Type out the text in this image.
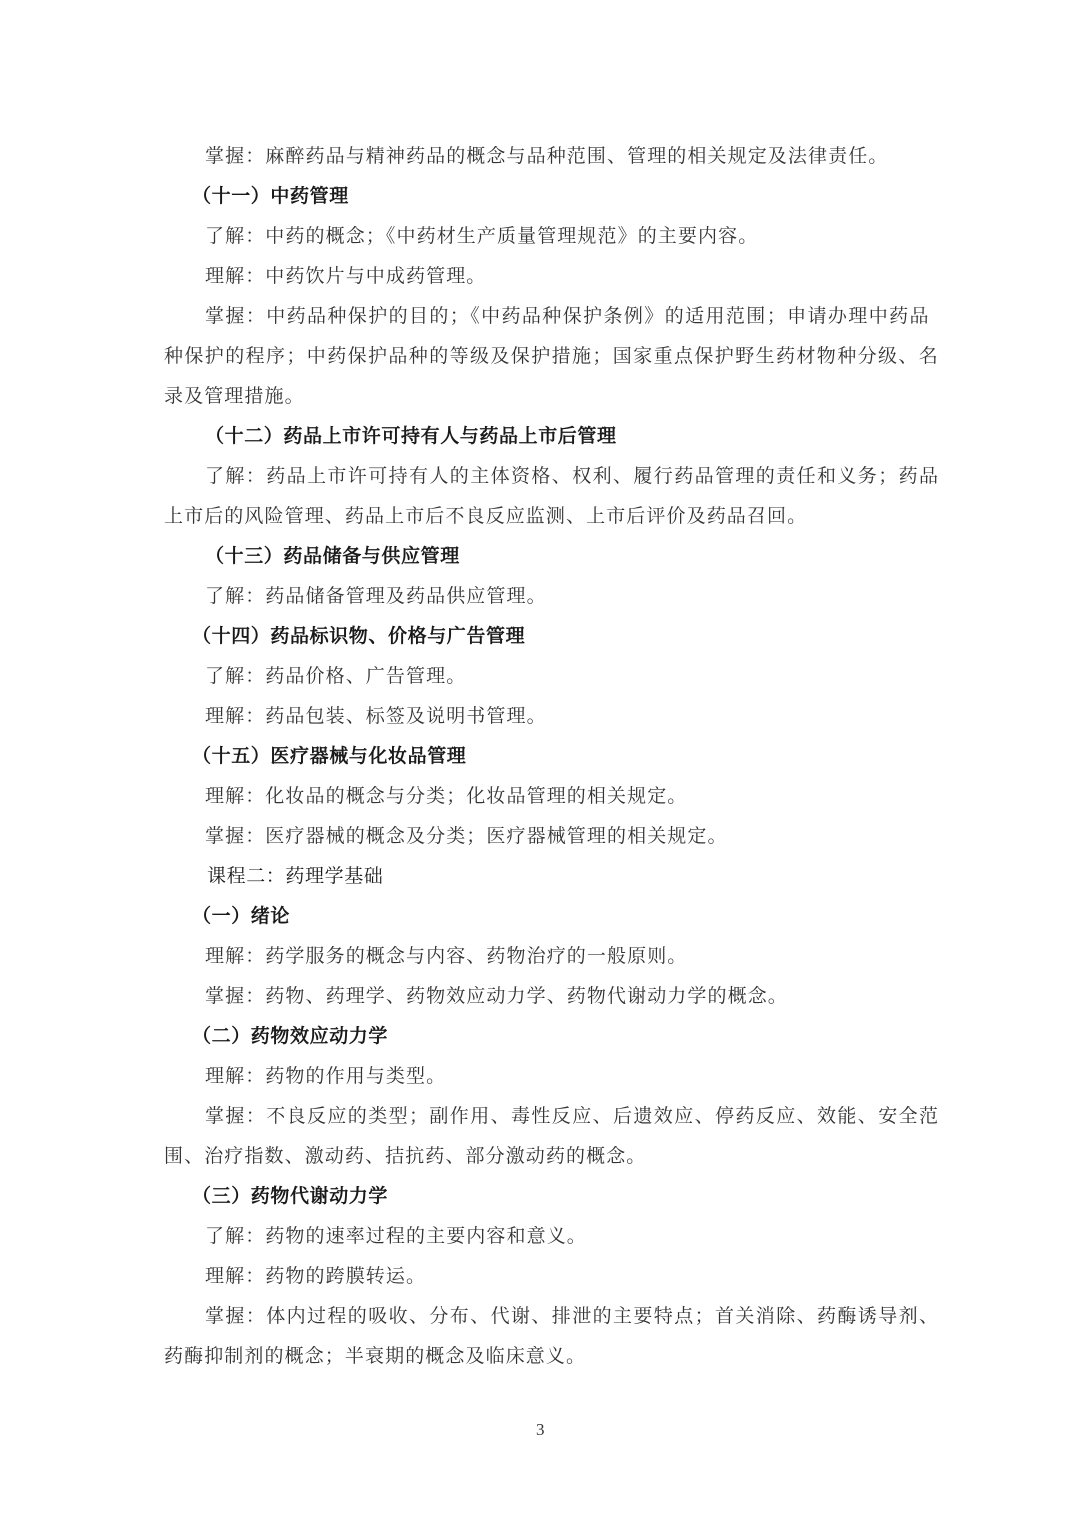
掌握：麻醉药品与精神药品的概念与品种范围、管理的相关规定及法律责任。
（十一）中药管理
了解：中药的概念；《中药材生产质量管理规范》的主要内容。
理解：中药饮片与中成药管理。
掌握：中药品种保护的目的；《中药品种保护条例》的适用范围；申请办理中药品
种保护的程序；中药保护品种的等级及保护措施；国家重点保护野生药材物种分级、名
录及管理措施。
（十二）药品上市许可持有人与药品上市后管理
了解：药品上市许可持有人的主体资格、权利、履行药品管理的责任和义务；药品
上市后的风险管理、药品上市后不良反应监测、上市后评价及药品召回。
（十三）药品储备与供应管理
了解：药品储备管理及药品供应管理。
（十四）药品标识物、价格与广告管理
了解：药品价格、广告管理。
理解：药品包装、标签及说明书管理。
（十五）医疗器械与化妆品管理
理解：化妆品的概念与分类；化妆品管理的相关规定。
掌握：医疗器械的概念及分类；医疗器械管理的相关规定。
课程二：药理学基础
（一）绪论
理解：药学服务的概念与内容、药物治疗的一般原则。
掌握：药物、药理学、药物效应动力学、药物代谢动力学的概念。
（二）药物效应动力学
理解：药物的作用与类型。
掌握：不良反应的类型；副作用、毒性反应、后遗效应、停药反应、效能、安全范
围、治疗指数、激动药、拮抗药、部分激动药的概念。
（三）药物代谢动力学
了解：药物的速率过程的主要内容和意义。
理解：药物的跨膜转运。
掌握：体内过程的吸收、分布、代谢、排泄的主要特点；首关消除、药酶诱导剂、
药酶抑制剂的概念；半衰期的概念及临床意义。
3
